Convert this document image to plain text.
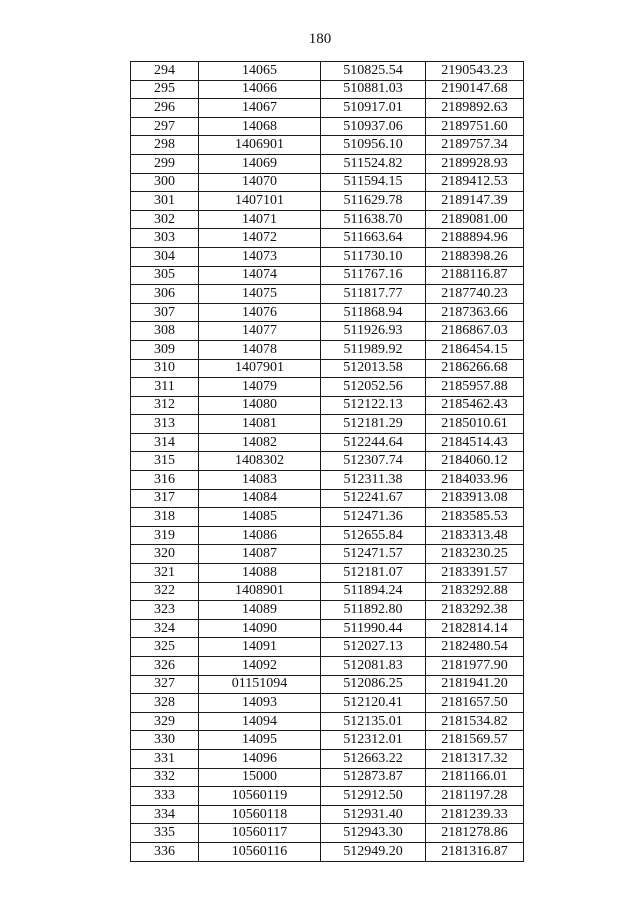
180
294	14065	510825.54	2190543.23
295	14066	510881.03	2190147.68
296	14067	510917.01	2189892.63
297	14068	510937.06	2189751.60
298	1406901	510956.10	2189757.34
299	14069	511524.82	2189928.93
300	14070	511594.15	2189412.53
301	1407101	511629.78	2189147.39
302	14071	511638.70	2189081.00
303	14072	511663.64	2188894.96
304	14073	511730.10	2188398.26
305	14074	511767.16	2188116.87
306	14075	511817.77	2187740.23
307	14076	511868.94	2187363.66
308	14077	511926.93	2186867.03
309	14078	511989.92	2186454.15
310	1407901	512013.58	2186266.68
311	14079	512052.56	2185957.88
312	14080	512122.13	2185462.43
313	14081	512181.29	2185010.61
314	14082	512244.64	2184514.43
315	1408302	512307.74	2184060.12
316	14083	512311.38	2184033.96
317	14084	512241.67	2183913.08
318	14085	512471.36	2183585.53
319	14086	512655.84	2183313.48
320	14087	512471.57	2183230.25
321	14088	512181.07	2183391.57
322	1408901	511894.24	2183292.88
323	14089	511892.80	2183292.38
324	14090	511990.44	2182814.14
325	14091	512027.13	2182480.54
326	14092	512081.83	2181977.90
327	01151094	512086.25	2181941.20
328	14093	512120.41	2181657.50
329	14094	512135.01	2181534.82
330	14095	512312.01	2181569.57
331	14096	512663.22	2181317.32
332	15000	512873.87	2181166.01
333	10560119	512912.50	2181197.28
334	10560118	512931.40	2181239.33
335	10560117	512943.30	2181278.86
336	10560116	512949.20	2181316.87
